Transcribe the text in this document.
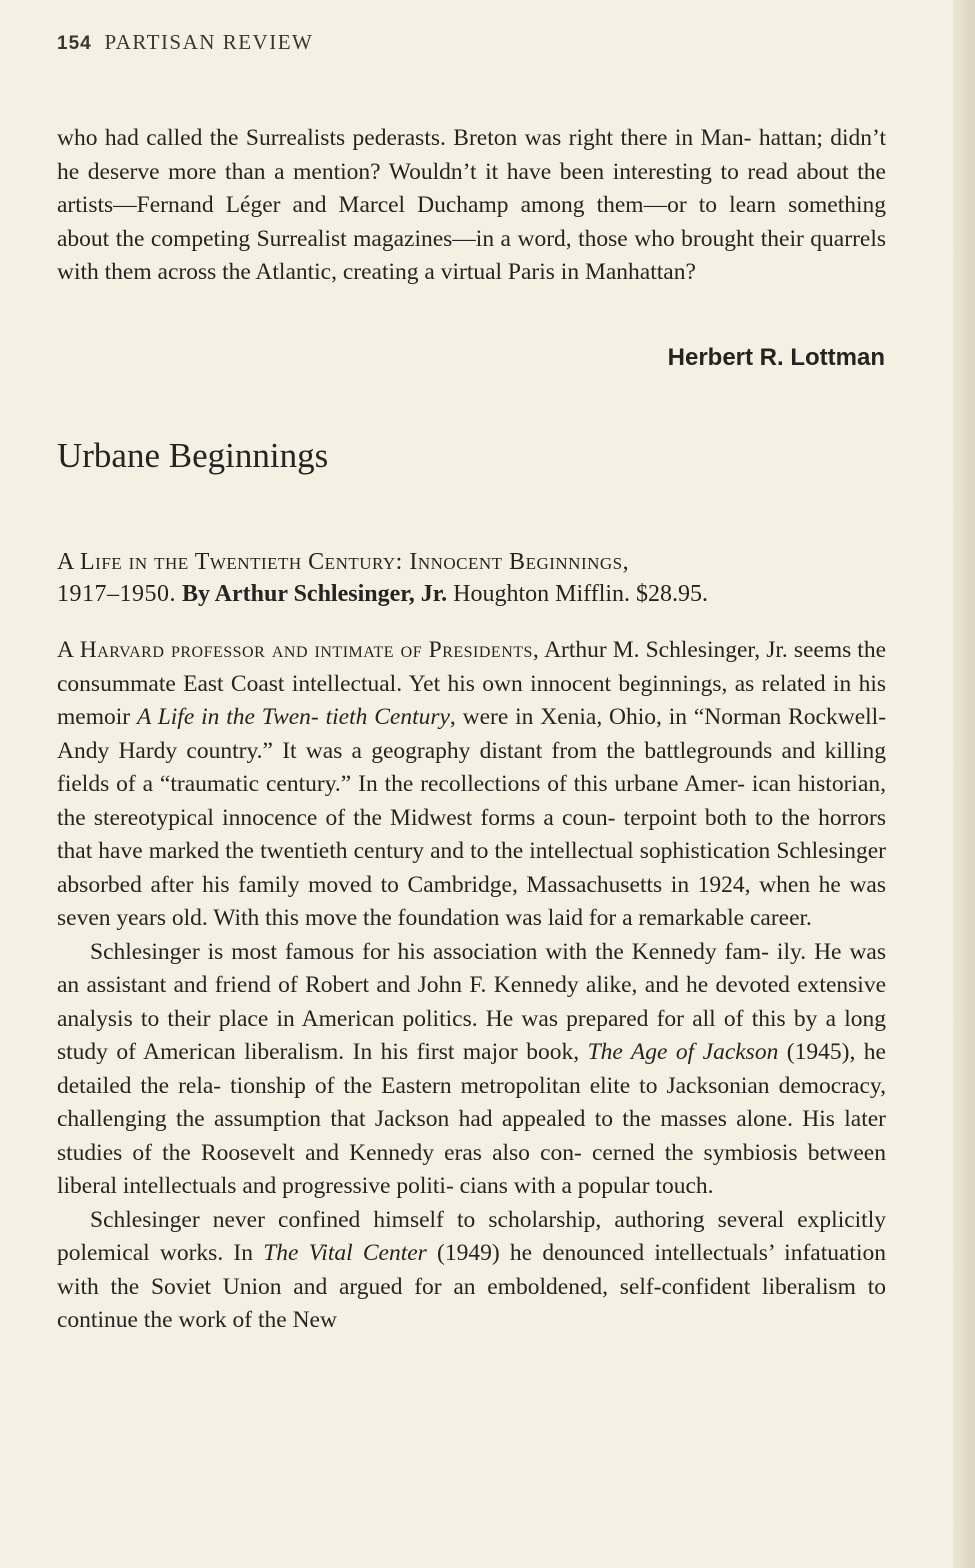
154 PARTISAN REVIEW

who had called the Surrealists pederasts. Breton was right there in Man- hattan; didn’t he deserve more than a mention? Wouldn’t it have been interesting to read about the artists—Fernand Léger and Marcel Duchamp among them—or to learn something about the competing Surrealist magazines—in a word, those who brought their quarrels with them across the Atlantic, creating a virtual Paris in Manhattan?

Herbert R. Lottman
Urbane Beginnings
A Life in the Twentieth Century: Innocent Beginnings,
1917–1950. By Arthur Schlesinger, Jr. Houghton Mifflin. $28.95.

A Harvard professor and intimate of Presidents, Arthur M. Schlesinger, Jr. seems the consummate East Coast intellectual. Yet his own innocent beginnings, as related in his memoir A Life in the Twen- tieth Century, were in Xenia, Ohio, in “Norman Rockwell-Andy Hardy country.” It was a geography distant from the battlegrounds and killing fields of a “traumatic century.” In the recollections of this urbane Amer- ican historian, the stereotypical innocence of the Midwest forms a coun- terpoint both to the horrors that have marked the twentieth century and to the intellectual sophistication Schlesinger absorbed after his family moved to Cambridge, Massachusetts in 1924, when he was seven years old. With this move the foundation was laid for a remarkable career.

Schlesinger is most famous for his association with the Kennedy fam- ily. He was an assistant and friend of Robert and John F. Kennedy alike, and he devoted extensive analysis to their place in American politics. He was prepared for all of this by a long study of American liberalism. In his first major book, The Age of Jackson (1945), he detailed the rela- tionship of the Eastern metropolitan elite to Jacksonian democracy, challenging the assumption that Jackson had appealed to the masses alone. His later studies of the Roosevelt and Kennedy eras also con- cerned the symbiosis between liberal intellectuals and progressive politi- cians with a popular touch.

Schlesinger never confined himself to scholarship, authoring several explicitly polemical works. In The Vital Center (1949) he denounced intellectuals’ infatuation with the Soviet Union and argued for an emboldened, self-confident liberalism to continue the work of the New
